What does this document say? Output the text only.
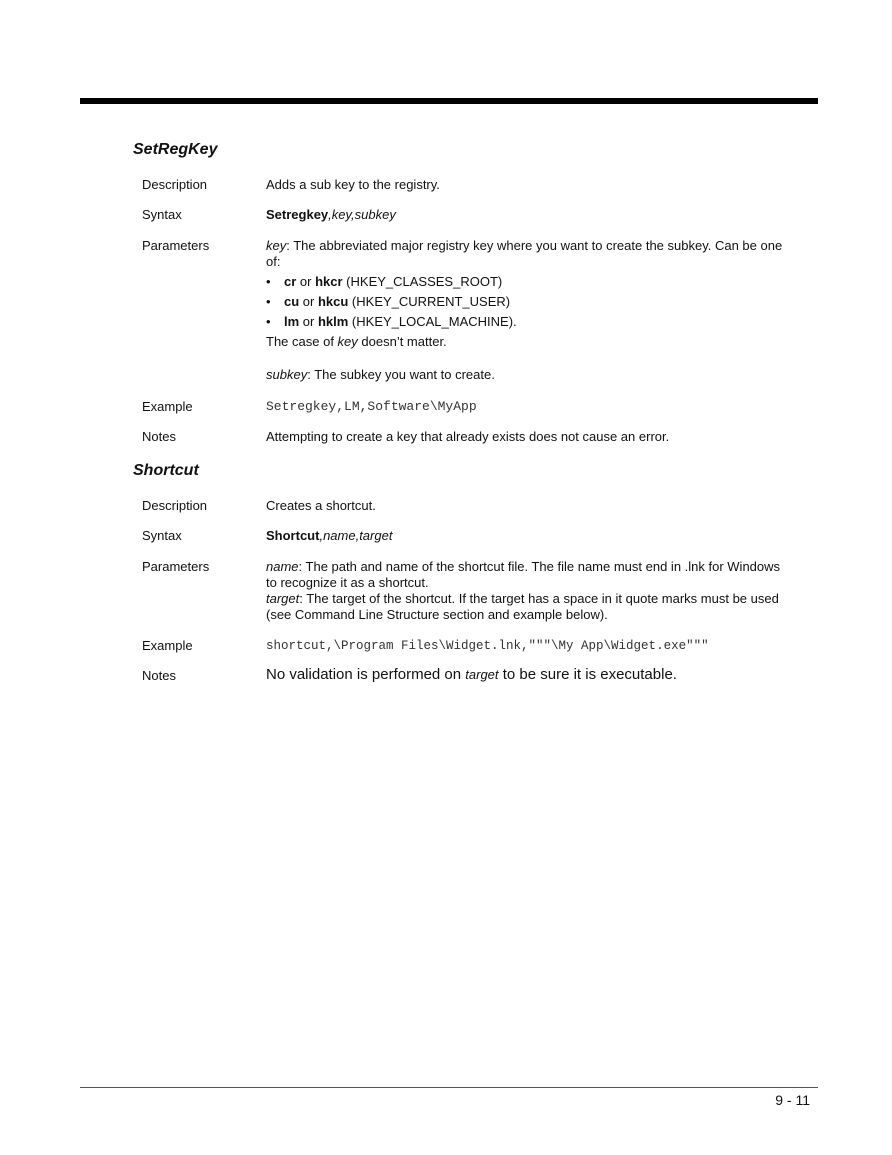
SetRegKey
Description	Adds a sub key to the registry.
Syntax	Setregkey,key,subkey
Parameters	key: The abbreviated major registry key where you want to create the subkey. Can be one of:

• cr or hkcr (HKEY_CLASSES_ROOT)

• cu or hkcu (HKEY_CURRENT_USER)

• lm or hklm (HKEY_LOCAL_MACHINE).

The case of key doesn’t matter.
subkey: The subkey you want to create.
Example	Setregkey,LM,Software\MyApp
Notes	Attempting to create a key that already exists does not cause an error.
Shortcut
Description	Creates a shortcut.
Syntax	Shortcut,name,target
Parameters	name: The path and name of the shortcut file. The file name must end in .lnk for Windows to recognize it as a shortcut.
target: The target of the shortcut. If the target has a space in it quote marks must be used (see Command Line Structure section and example below).
Example	shortcut,\Program Files\Widget.lnk,"""\My App\Widget.exe"""
Notes	No validation is performed on target to be sure it is executable.
9 - 11
